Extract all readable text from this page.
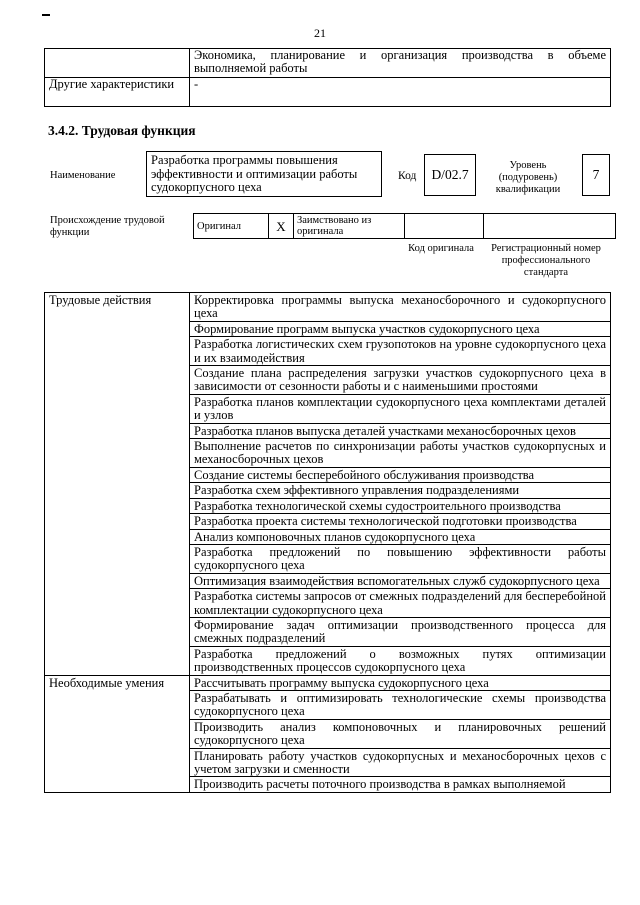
21
	Экономика, планирование и организация производства в объеме выполняемой работы
Другие характеристики	-
3.4.2. Трудовая функция
Наименование
Разработка программы повышения эффективности и оптимизации работы судокорпусного цеха
Код	D/02.7
Уровень (подуровень) квалификации
7
Происхождение трудовой функции
Оригинал	X	Заимствовано из оригинала		
Код оригинала	Регистрационный номер профессионального стандарта
Трудовые действия	Корректировка программы выпуска механосборочного и судокорпусного цеха
	Формирование программ выпуска участков судокорпусного цеха
	Разработка логистических схем грузопотоков на уровне судокорпусного цеха и их взаимодействия
	Создание плана распределения загрузки участков судокорпусного цеха в зависимости от сезонности работы и с наименьшими простоями
	Разработка планов комплектации судокорпусного цеха комплектами деталей и узлов
	Разработка планов выпуска деталей участками механосборочных цехов
	Выполнение расчетов по синхронизации работы участков судокорпусных и механосборочных цехов
	Создание системы бесперебойного обслуживания производства
	Разработка схем эффективного управления подразделениями
	Разработка технологической схемы судостроительного производства
	Разработка проекта системы технологической подготовки производства
	Анализ компоновочных планов судокорпусного цеха
	Разработка предложений по повышению эффективности работы судокорпусного цеха
	Оптимизация взаимодействия вспомогательных служб судокорпусного цеха
	Разработка системы запросов от смежных подразделений для бесперебойной комплектации судокорпусного цеха
	Формирование задач оптимизации производственного процесса для смежных подразделений
	Разработка предложений о возможных путях оптимизации производственных процессов судокорпусного цеха
Необходимые умения	Рассчитывать программу выпуска судокорпусного цеха
	Разрабатывать и оптимизировать технологические схемы производства судокорпусного цеха
	Производить анализ компоновочных и планировочных решений судокорпусного цеха
	Планировать работу участков судокорпусных и механосборочных цехов с учетом загрузки и сменности
	Производить расчеты поточного производства в рамках выполняемой
